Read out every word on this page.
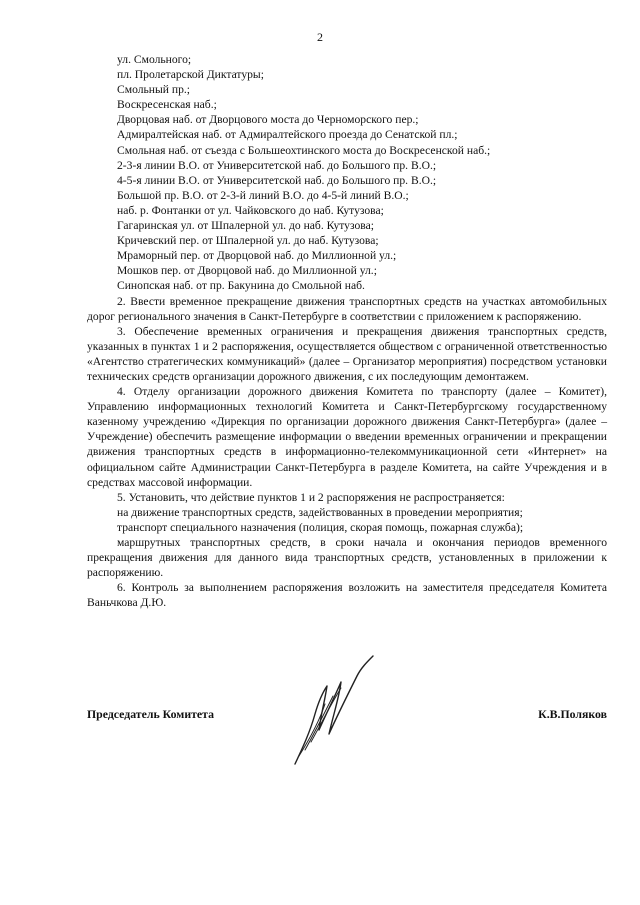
2
ул. Смольного;
пл. Пролетарской Диктатуры;
Смольный пр.;
Воскресенская наб.;
Дворцовая наб. от Дворцового моста до Черноморского пер.;
Адмиралтейская наб. от Адмиралтейского проезда до Сенатской пл.;
Смольная наб. от съезда с Большеохтинского моста до Воскресенской наб.;
2-3-я линии В.О. от Университетской наб. до Большого пр. В.О.;
4-5-я линии В.О. от Университетской наб. до Большого пр. В.О.;
Большой пр. В.О. от 2-3-й линий В.О. до 4-5-й линий В.О.;
наб. р. Фонтанки от ул. Чайковского до наб. Кутузова;
Гагаринская ул. от Шпалерной ул. до наб. Кутузова;
Кричевский пер. от Шпалерной ул. до наб. Кутузова;
Мраморный пер. от Дворцовой наб. до Миллионной ул.;
Мошков пер. от Дворцовой наб. до Миллионной ул.;
Синопская наб. от пр. Бакунина до Смольной наб.

2. Ввести временное прекращение движения транспортных средств на участках автомобильных дорог регионального значения в Санкт-Петербурге в соответствии с приложением к распоряжению.

3. Обеспечение временных ограничения и прекращения движения транспортных средств, указанных в пунктах 1 и 2 распоряжения, осуществляется обществом с ограниченной ответственностью «Агентство стратегических коммуникаций» (далее – Организатор мероприятия) посредством установки технических средств организации дорожного движения, с их последующим демонтажем.

4. Отделу организации дорожного движения Комитета по транспорту (далее – Комитет), Управлению информационных технологий Комитета и Санкт-Петербургскому государственному казенному учреждению «Дирекция по организации дорожного движения Санкт-Петербурга» (далее – Учреждение) обеспечить размещение информации о введении временных ограничении и прекращении движения транспортных средств в информационно-телекоммуникационной сети «Интернет» на официальном сайте Администрации Санкт-Петербурга в разделе Комитета, на сайте Учреждения и в средствах массовой информации.

5. Установить, что действие пунктов 1 и 2 распоряжения не распространяется:

на движение транспортных средств, задействованных в проведении мероприятия;

транспорт специального назначения (полиция, скорая помощь, пожарная служба);

маршрутных транспортных средств, в сроки начала и окончания периодов временного прекращения движения для данного вида транспортных средств, установленных в приложении к распоряжению.

6. Контроль за выполнением распоряжения возложить на заместителя председателя Комитета Ваньчкова Д.Ю.

Председатель Комитета	К.В.Поляков
